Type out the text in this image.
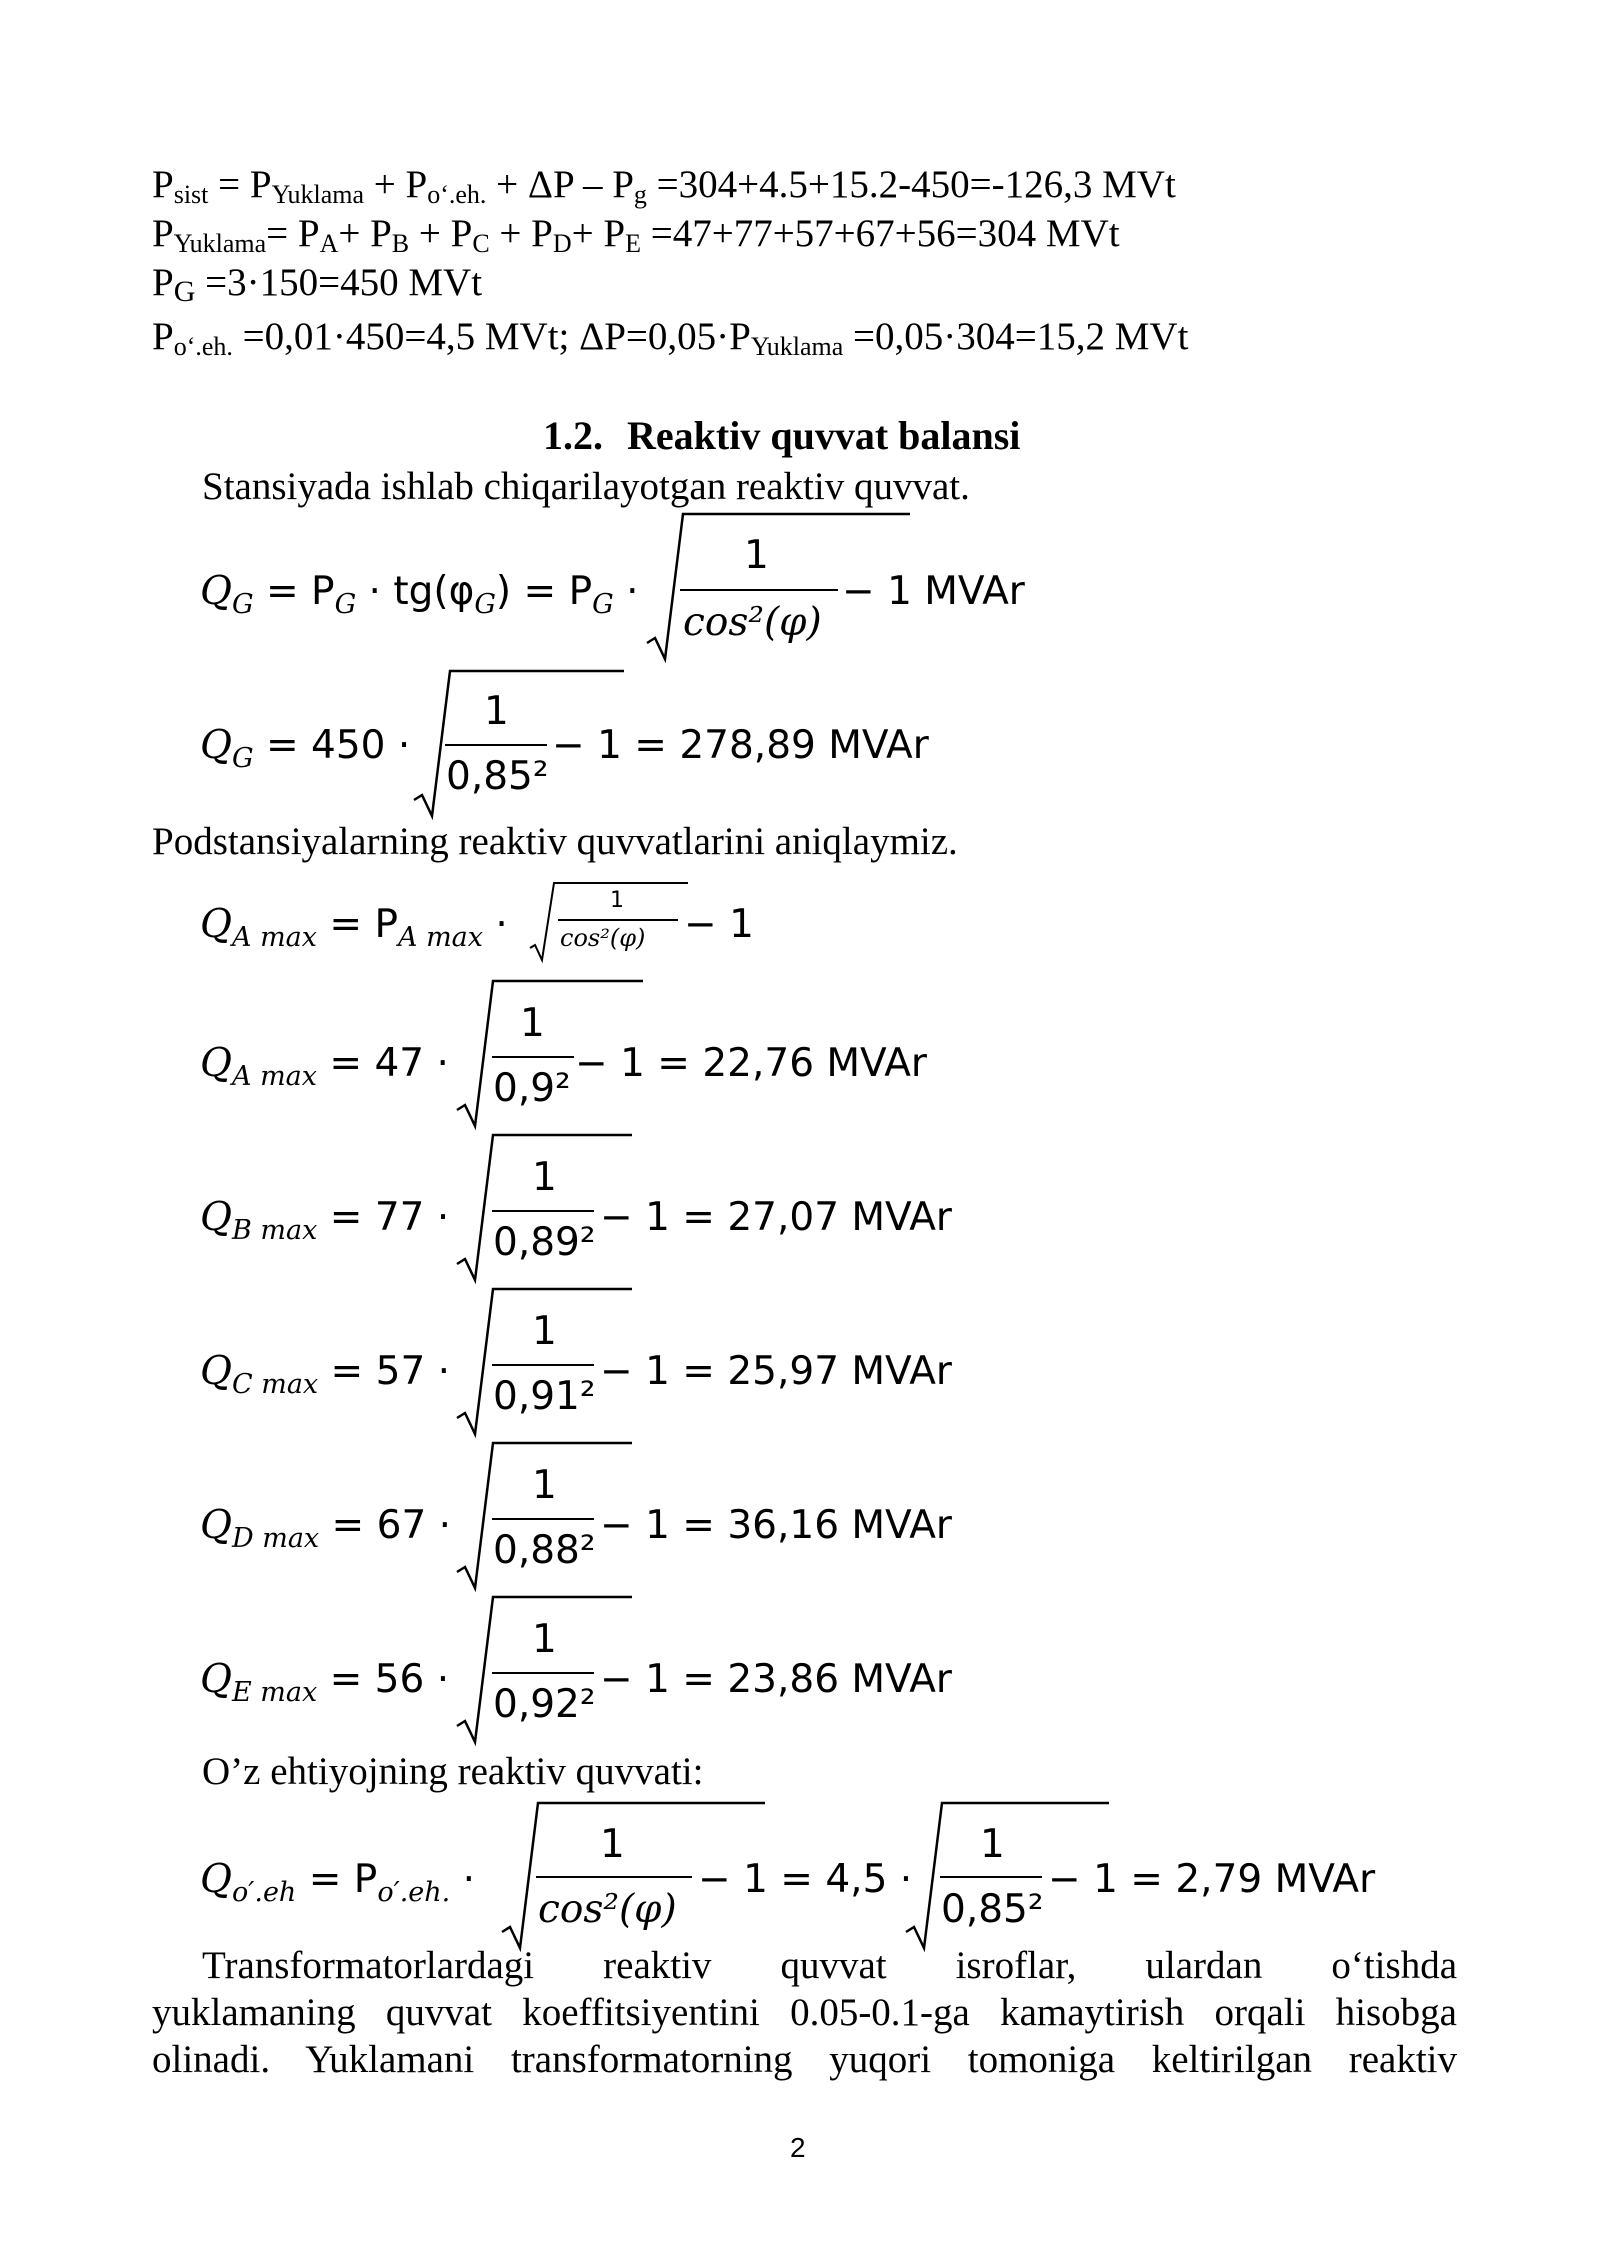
$P_{sist} = P_{Yuklama} + P_{o‘.eh.} + \Delta P - P_g =304+4.5+15.2-450=-126,3$ MVt
$P_{Yuklama}= P_A+ P_B + P_C + P_D+ P_E =47+77+57+67+56=304$ MVt
PG =3·150=450 MVt
$P_{o‘.eh.} =0,01\cdot 450=4,5$ MVt; $\Delta P=0,05\cdot P_{Yuklama} =0,05\cdot 304=15,2$ MVt
1.2. Reaktiv quvvat balansi
Stansiyada ishlab chiqarilayotgan reaktiv quvvat.
$Q_G = P_G \cdot tg(\varphi_G) = P_G$ ·
1
cos²(φ)
− 1 MVAr
$Q_G = 450$ ·
1
0,85²
− 1 = 278,89 MVAr
Podstansiyalarning reaktiv quvvatlarini aniqlaymiz.
$Q_{A max} = P_{A max}$ ·
1
cos²(φ) − 1
$Q_{A max} = 47$ ·
1
0,9²
− 1 = 22,76 MVAr
$Q_{B max} = 77$ ·
1
0,89²
− 1 = 27,07 MVAr
$Q_{C max} = 57$ ·
1
0,91²
− 1 = 25,97 MVAr
$Q_{D max} = 67$ ·
1
0,88²
− 1 = 36,16 MVAr
$Q_{E max} = 56$ ·
1
0,92²
− 1 = 23,86 MVAr
O’z ehtiyojning reaktiv quvvati:
$Q_{o'.eh} = P_{o'.eh.}$ ·
1
cos²(φ)
− 1 = 4,5 ·
1
0,85²
− 1 = 2,79 MVAr
Transformatorlardagi reaktiv quvvat isroflar, ulardan o‘tishda
yuklamaning quvvat koeffitsiyentini 0.05-0.1-ga kamaytirish orqali hisobga
olinadi. Yuklamani transformatorning yuqori tomoniga keltirilgan reaktiv
2
